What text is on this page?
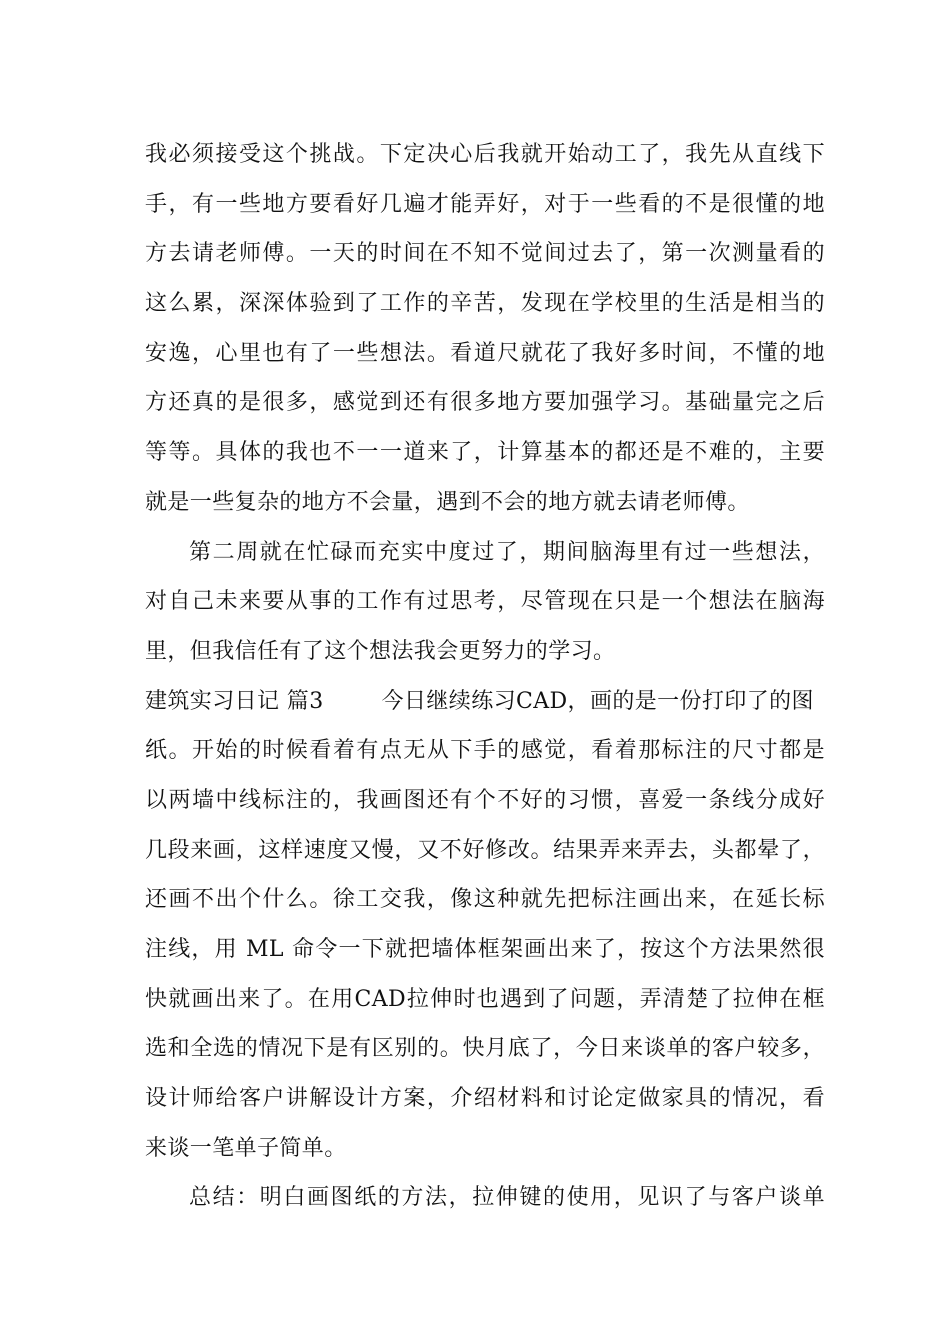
我必须接受这个挑战。下定决心后我就开始动工了，我先从直线下
手，有一些地方要看好几遍才能弄好，对于一些看的不是很懂的地
方去请老师傅。一天的时间在不知不觉间过去了，第一次测量看的
这么累，深深体验到了工作的辛苦，发现在学校里的生活是相当的
安逸，心里也有了一些想法。看道尺就花了我好多时间，不懂的地
方还真的是很多，感觉到还有很多地方要加强学习。基础量完之后
等等。具体的我也不一一道来了，计算基本的都还是不难的，主要
就是一些复杂的地方不会量，遇到不会的地方就去请老师傅。
第二周就在忙碌而充实中度过了，期间脑海里有过一些想法，
对自己未来要从事的工作有过思考，尽管现在只是一个想法在脑海
里，但我信任有了这个想法我会更努力的学习。
建筑实习日记 篇3	今日继续练习CAD，画的是一份打印了的图
纸。开始的时候看着有点无从下手的感觉，看着那标注的尺寸都是
以两墙中线标注的，我画图还有个不好的习惯，喜爱一条线分成好
几段来画，这样速度又慢，又不好修改。结果弄来弄去，头都晕了，
还画不出个什么。徐工交我，像这种就先把标注画出来，在延长标
注线，用 ML 命令一下就把墙体框架画出来了，按这个方法果然很
快就画出来了。在用CAD拉伸时也遇到了问题，弄清楚了拉伸在框
选和全选的情况下是有区别的。快月底了，今日来谈单的客户较多，
设计师给客户讲解设计方案，介绍材料和讨论定做家具的情况，看
来谈一笔单子简单。
总结：明白画图纸的方法，拉伸键的使用，见识了与客户谈单
